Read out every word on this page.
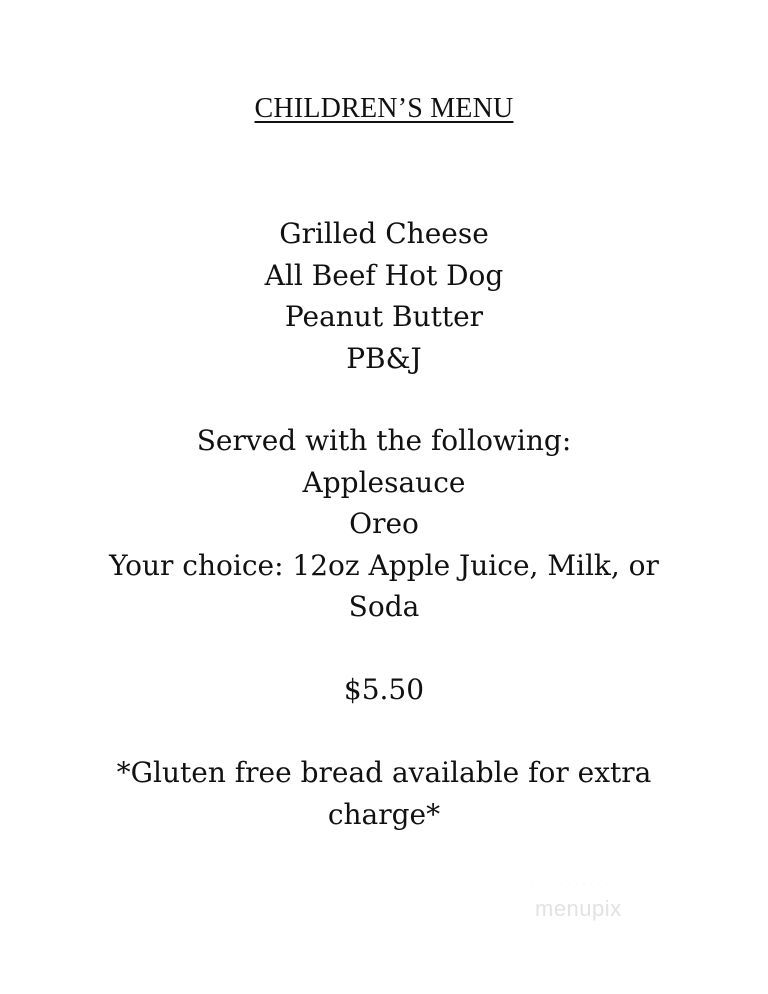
CHILDREN’S MENU
Grilled Cheese
All Beef Hot Dog
Peanut Butter
PB&J
Served with the following:
Applesauce
Oreo
Your choice: 12oz Apple Juice, Milk, or
Soda
$5.50
*Gluten free bread available for extra
charge*
· · · · · · · · · · · ·
menupix
